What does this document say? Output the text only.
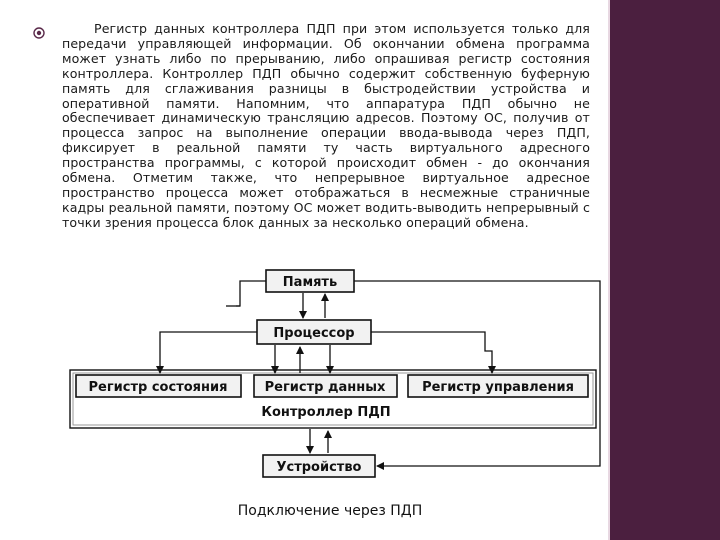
Регистр данных контроллера ПДП при этом используется только для передачи управляющей информации. Об окончании обмена программа может узнать либо по прерыванию, либо опрашивая регистр состояния контроллера. Контроллер ПДП обычно содержит собственную буферную память для сглаживания разницы в быстродействии устройства и оперативной памяти. Напомним, что аппаратура ПДП обычно не обеспечивает динамическую трансляцию адресов. Поэтому ОС, получив от процесса запрос на выполнение операции ввода-вывода через ПДП, фиксирует в реальной памяти ту часть виртуального адресного пространства программы, с которой происходит обмен - до окончания обмена. Отметим также, что непрерывное виртуальное адресное пространство процесса может отображаться в несмежные страничные кадры реальной памяти, поэтому ОС может водить-выводить непрерывный с точки зрения процесса блок данных за несколько операций обмена.

Память
Процессор
Регистр состояния	Регистр данных	Регистр управления
Контроллер ПДП
Устройство
Подключение через ПДП
